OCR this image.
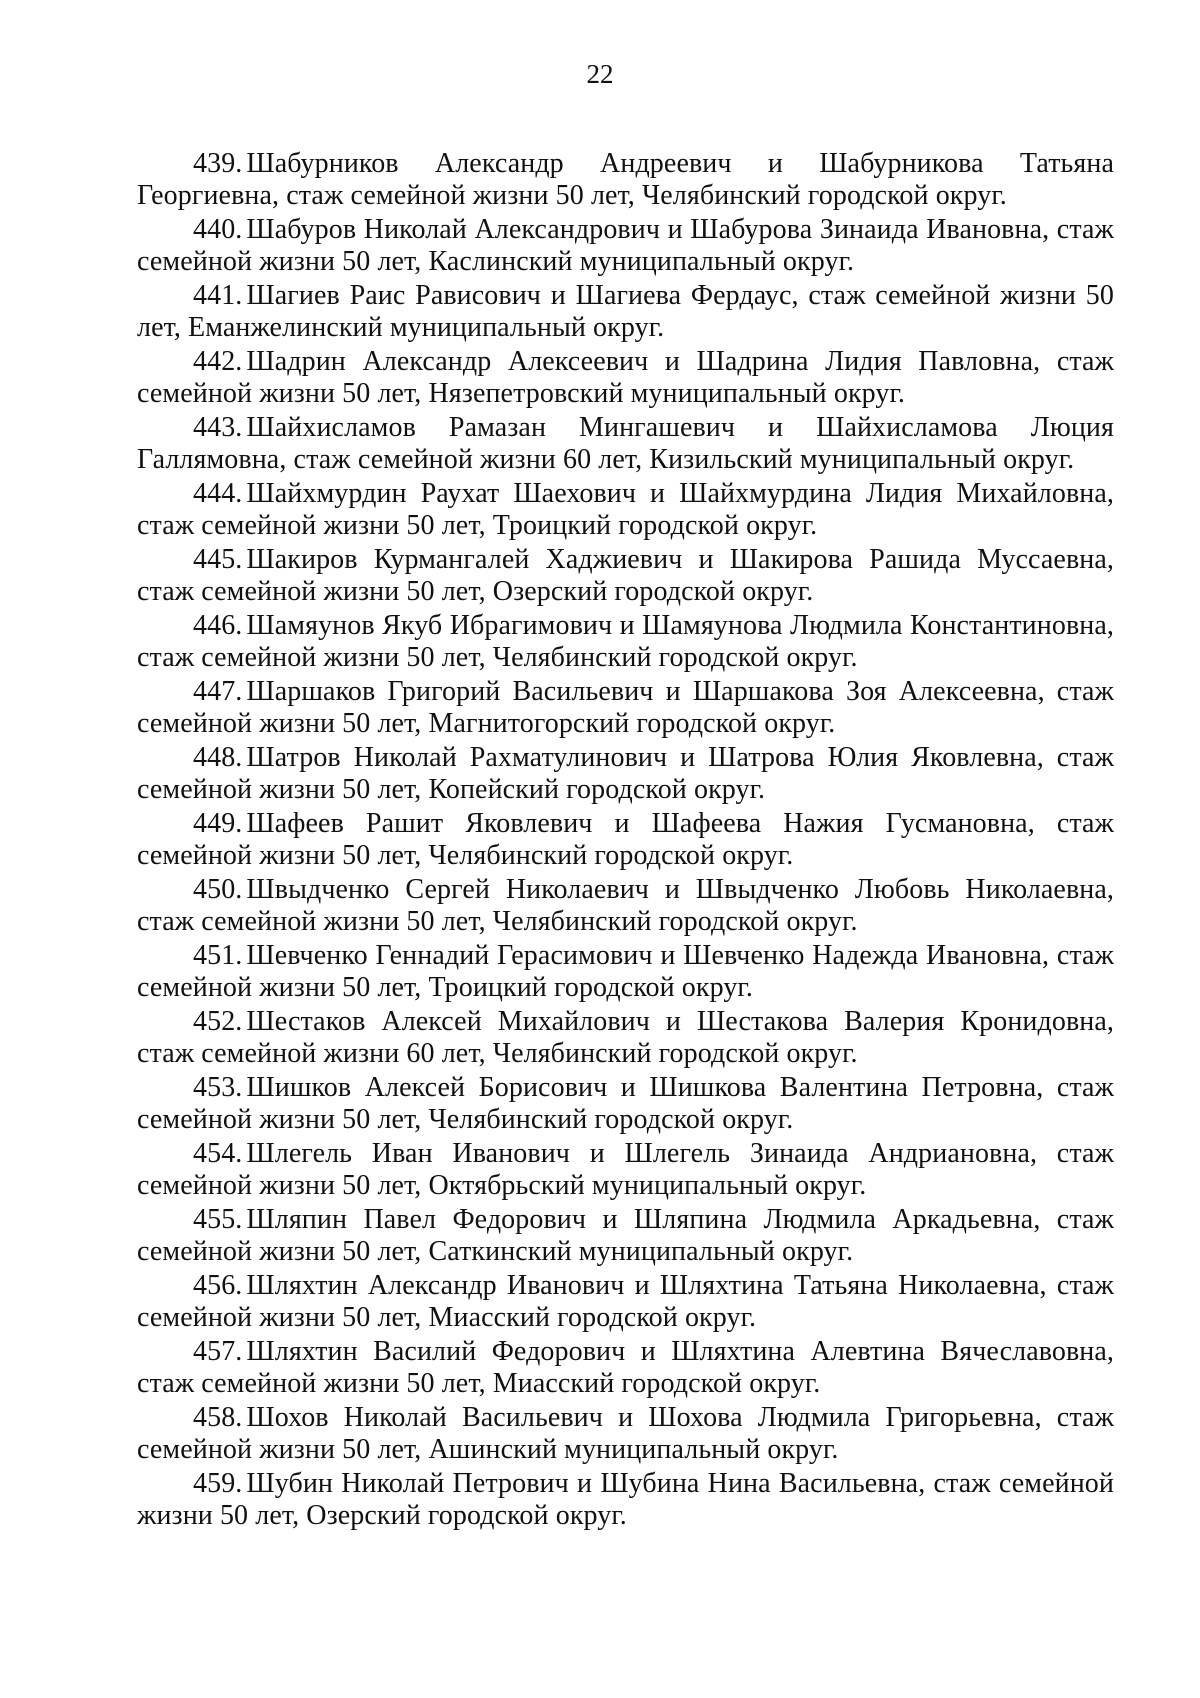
22

439. Шабурников Александр Андреевич и Шабурникова Татьяна Георгиевна, стаж семейной жизни 50 лет, Челябинский городской округ.

440. Шабуров Николай Александрович и Шабурова Зинаида Ивановна, стаж семейной жизни 50 лет, Каслинский муниципальный округ.

441. Шагиев Раис Рависович и Шагиева Фердаус, стаж семейной жизни 50 лет, Еманжелинский муниципальный округ.

442. Шадрин Александр Алексеевич и Шадрина Лидия Павловна, стаж семейной жизни 50 лет, Нязепетровский муниципальный округ.

443. Шайхисламов Рамазан Мингашевич и Шайхисламова Люция Галлямовна, стаж семейной жизни 60 лет, Кизильский муниципальный округ.

444. Шайхмурдин Раухат Шаехович и Шайхмурдина Лидия Михайловна, стаж семейной жизни 50 лет, Троицкий городской округ.

445. Шакиров Курмангалей Хаджиевич и Шакирова Рашида Муссаевна, стаж семейной жизни 50 лет, Озерский городской округ.

446. Шамяунов Якуб Ибрагимович и Шамяунова Людмила Константиновна, стаж семейной жизни 50 лет, Челябинский городской округ.

447. Шаршаков Григорий Васильевич и Шаршакова Зоя Алексеевна, стаж семейной жизни 50 лет, Магнитогорский городской округ.

448. Шатров Николай Рахматулинович и Шатрова Юлия Яковлевна, стаж семейной жизни 50 лет, Копейский городской округ.

449. Шафеев Рашит Яковлевич и Шафеева Нажия Гусмановна, стаж семейной жизни 50 лет, Челябинский городской округ.

450. Швыдченко Сергей Николаевич и Швыдченко Любовь Николаевна, стаж семейной жизни 50 лет, Челябинский городской округ.

451. Шевченко Геннадий Герасимович и Шевченко Надежда Ивановна, стаж семейной жизни 50 лет, Троицкий городской округ.

452. Шестаков Алексей Михайлович и Шестакова Валерия Кронидовна, стаж семейной жизни 60 лет, Челябинский городской округ.

453. Шишков Алексей Борисович и Шишкова Валентина Петровна, стаж семейной жизни 50 лет, Челябинский городской округ.

454. Шлегель Иван Иванович и Шлегель Зинаида Андриановна, стаж семейной жизни 50 лет, Октябрьский муниципальный округ.

455. Шляпин Павел Федорович и Шляпина Людмила Аркадьевна, стаж семейной жизни 50 лет, Саткинский муниципальный округ.

456. Шляхтин Александр Иванович и Шляхтина Татьяна Николаевна, стаж семейной жизни 50 лет, Миасский городской округ.

457. Шляхтин Василий Федорович и Шляхтина Алевтина Вячеславовна, стаж семейной жизни 50 лет, Миасский городской округ.

458. Шохов Николай Васильевич и Шохова Людмила Григорьевна, стаж семейной жизни 50 лет, Ашинский муниципальный округ.

459. Шубин Николай Петрович и Шубина Нина Васильевна, стаж семейной жизни 50 лет, Озерский городской округ.
